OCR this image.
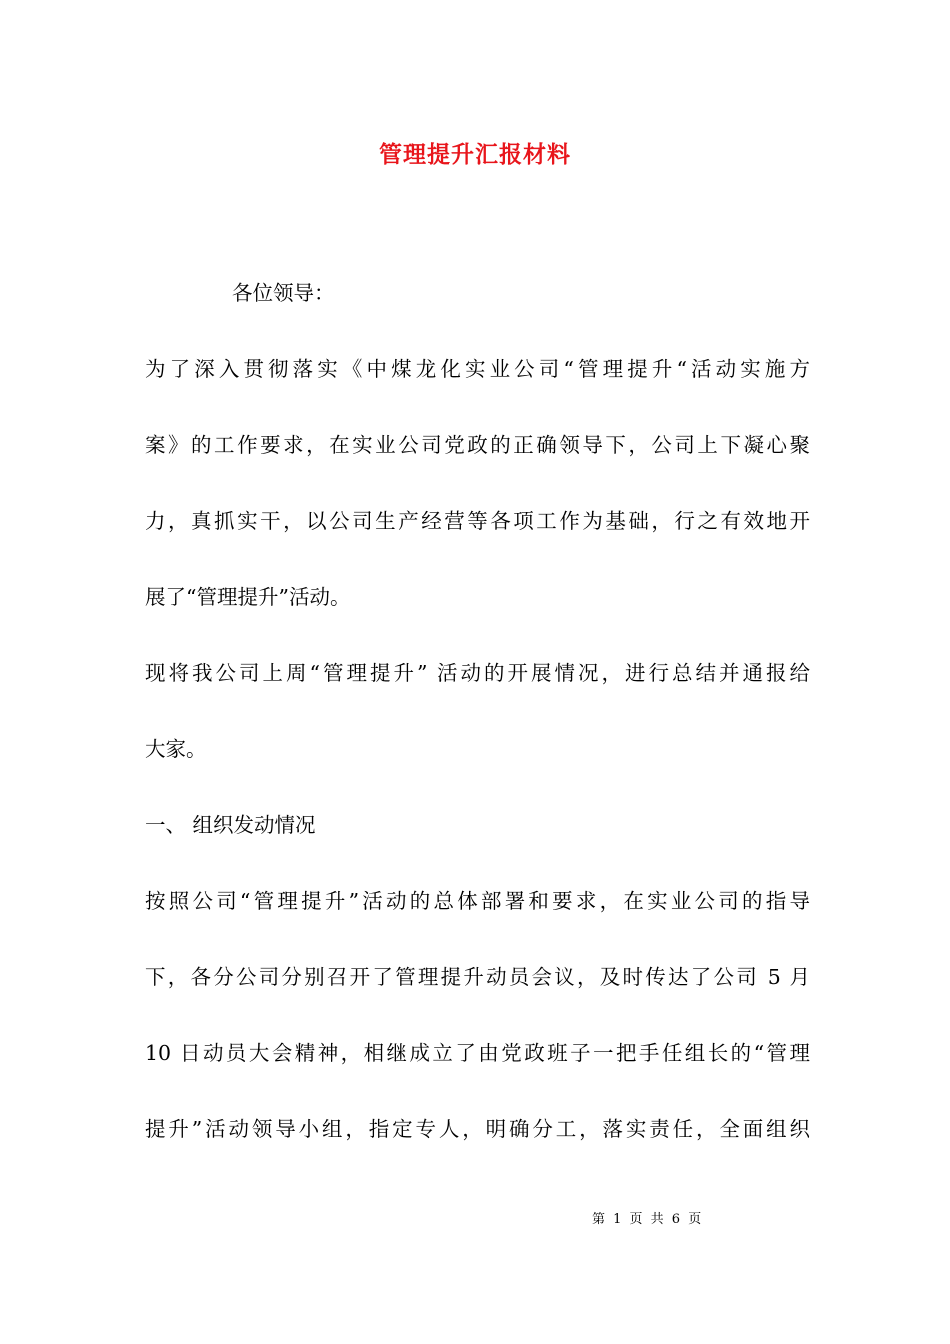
管理提升汇报材料
各位领导：
为了深入贯彻落实《中煤龙化实业公司“管理提升“活动实施方
案》的工作要求，在实业公司党政的正确领导下，公司上下凝心聚
力，真抓实干，以公司生产经营等各项工作为基础，行之有效地开
展了“管理提升”活动。
现将我公司上周“管理提升” 活动的开展情况，进行总结并通报给
大家。
一、 组织发动情况
按照公司“管理提升”活动的总体部署和要求，在实业公司的指导
下，各分公司分别召开了管理提升动员会议，及时传达了公司 5 月
10 日动员大会精神，相继成立了由党政班子一把手任组长的“管理
提升”活动领导小组，指定专人，明确分工，落实责任，全面组织
第 1 页 共 6 页
